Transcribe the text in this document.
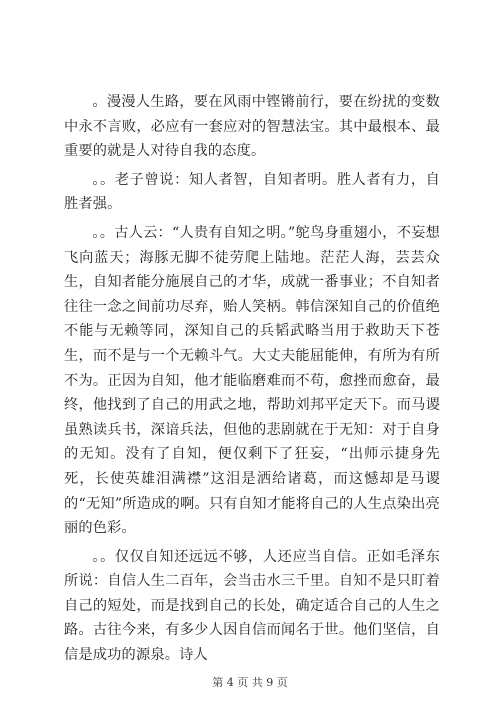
。漫漫人生路，要在风雨中铿锵前行，要在纷扰的变数中永不言败，必应有一套应对的智慧法宝。其中最根本、最重要的就是人对待自我的态度。

。。老子曾说：知人者智，自知者明。胜人者有力，自胜者强。

。。古人云：“人贵有自知之明。”鸵鸟身重翅小，不妄想飞向蓝天；海豚无脚不徒劳爬上陆地。茫茫人海，芸芸众生，自知者能分施展自己的才华，成就一番事业；不自知者往往一念之间前功尽弃，贻人笑柄。韩信深知自己的价值绝不能与无赖等同，深知自己的兵韬武略当用于救助天下苍生，而不是与一个无赖斗气。大丈夫能屈能伸，有所为有所不为。正因为自知，他才能临磨难而不苟，愈挫而愈奋，最终，他找到了自己的用武之地，帮助刘邦平定天下。而马谡虽熟读兵书，深谙兵法，但他的悲剧就在于无知：对于自身的无知。没有了自知，便仅剩下了狂妄，“出师示捷身先死，长使英雄泪满襟”这泪是洒给诸葛，而这憾却是马谡的“无知”所造成的啊。只有自知才能将自己的人生点染出亮丽的色彩。

。。仅仅自知还远远不够，人还应当自信。正如毛泽东所说：自信人生二百年，会当击水三千里。自知不是只盯着自己的短处，而是找到自己的长处，确定适合自己的人生之路。古往今来，有多少人因自信而闻名于世。他们坚信，自信是成功的源泉。诗人

第 4 页 共 9 页
